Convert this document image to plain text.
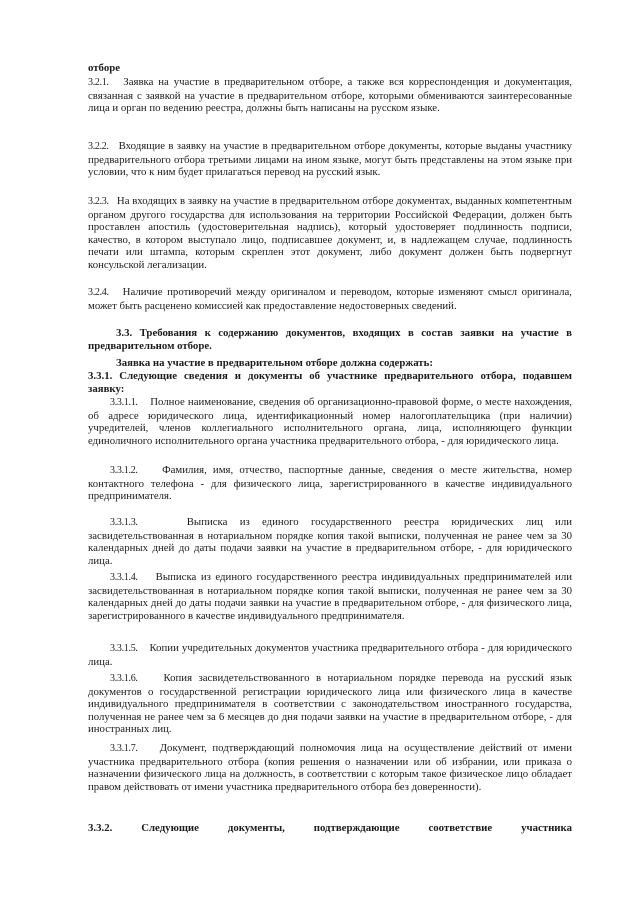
отборе

3.2.1. Заявка на участие в предварительном отборе, а также вся корреспонденция и документация, связанная с заявкой на участие в предварительном отборе, которыми обмениваются заинтересованные лица и орган по ведению реестра, должны быть написаны на русском языке.

3.2.2. Входящие в заявку на участие в предварительном отборе документы, которые выданы участнику предварительного отбора третьими лицами на ином языке, могут быть представлены на этом языке при условии, что к ним будет прилагаться перевод на русский язык.

3.2.3. На входящих в заявку на участие в предварительном отборе документах, выданных компетентным органом другого государства для использования на территории Российской Федерации, должен быть проставлен апостиль (удостоверительная надпись), который удостоверяет подлинность подписи, качество, в котором выступало лицо, подписавшее документ, и, в надлежащем случае, подлинность печати или штампа, которым скреплен этот документ, либо документ должен быть подвергнут консульской легализации.

3.2.4. Наличие противоречий между оригиналом и переводом, которые изменяют смысл оригинала, может быть расценено комиссией как предоставление недостоверных сведений.

3.3. Требования к содержанию документов, входящих в состав заявки на участие в предварительном отборе.

Заявка на участие в предварительном отборе должна содержать:

3.3.1. Следующие сведения и документы об участнике предварительного отбора, подавшем заявку:

3.3.1.1. Полное наименование, сведения об организационно-правовой форме, о месте нахождения, об адресе юридического лица, идентификационный номер налогоплательщика (при наличии) учредителей, членов коллегиального исполнительного органа, лица, исполняющего функции единоличного исполнительного органа участника предварительного отбора, - для юридического лица.

3.3.1.2. Фамилия, имя, отчество, паспортные данные, сведения о месте жительства, номер контактного телефона - для физического лица, зарегистрированного в качестве индивидуального предпринимателя.

3.3.1.3.	Выписка из единого государственного реестра юридических лиц или засвидетельствованная в нотариальном порядке копия такой выписки, полученная не ранее чем за 30 календарных дней до даты подачи заявки на участие в предварительном отборе, - для юридического лица.

3.3.1.4. Выписка из единого государственного реестра индивидуальных предпринимателей или засвидетельствованная в нотариальном порядке копия такой выписки, полученная не ранее чем за 30 календарных дней до даты подачи заявки на участие в предварительном отборе, - для физического лица, зарегистрированного в качестве индивидуального предпринимателя.

3.3.1.5. Копии учредительных документов участника предварительного отбора - для юридического лица.

3.3.1.6. Копия засвидетельствованного в нотариальном порядке перевода на русский язык документов о государственной регистрации юридического лица или физического лица в качестве индивидуального предпринимателя в соответствии с законодательством иностранного государства, полученная не ранее чем за 6 месяцев до дня подачи заявки на участие в предварительном отборе, - для иностранных лиц.

3.3.1.7. Документ, подтверждающий полномочия лица на осуществление действий от имени участника предварительного отбора (копия решения о назначении или об избрании, или приказа о назначении физического лица на должность, в соответствии с которым такое физическое лицо обладает правом действовать от имени участника предварительного отбора без доверенности).

3.3.2.	Следующие	документы,	подтверждающие	соответствие	участника
